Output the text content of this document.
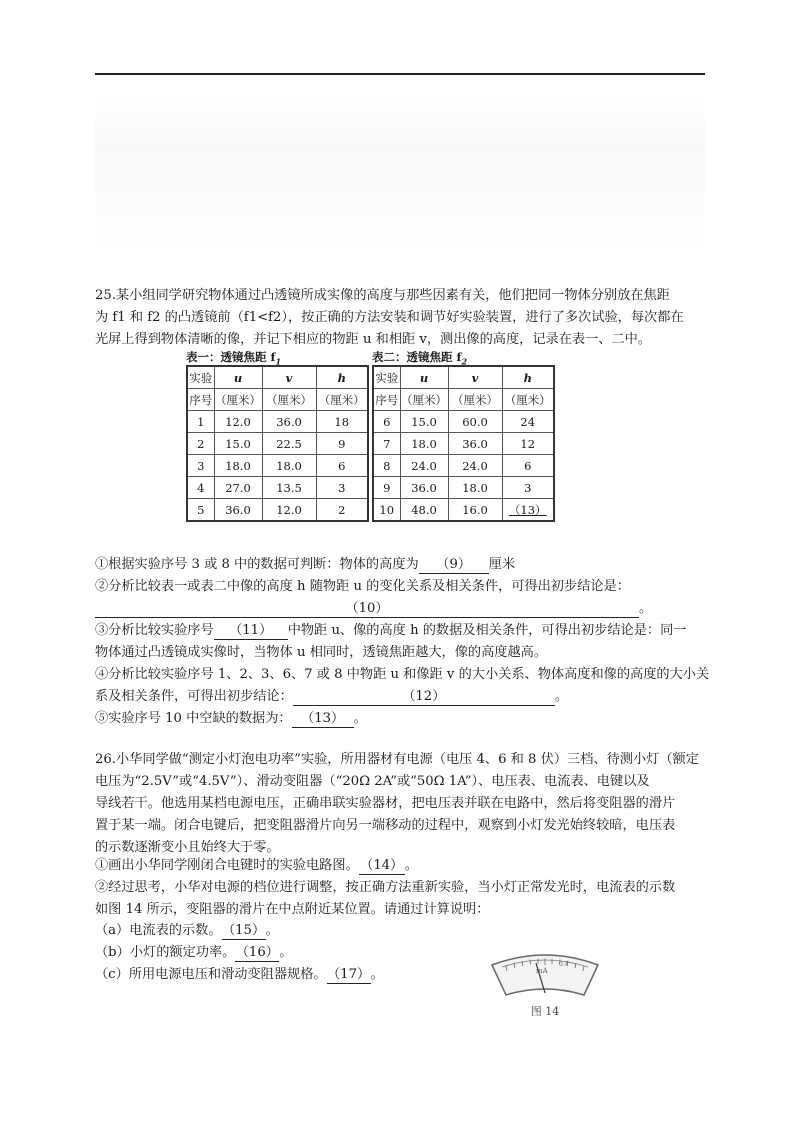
25.某小组同学研究物体通过凸透镜所成实像的高度与那些因素有关，他们把同一物体分别放在焦距
为 f1 和 f2 的凸透镜前（f1<f2），按正确的方法安装和调节好实验装置，进行了多次试验，每次都在
光屏上得到物体清晰的像，并记下相应的物距 u 和相距 v，测出像的高度，记录在表一、二中。

表一：透镜焦距 $f_1$
实验	u	v	h
序号	（厘米）	（厘米）	（厘米）
1	12.0	36.0	18
2	15.0	22.5	9
3	18.0	18.0	6
4	27.0	13.5	3
5	36.0	12.0	2
表二：透镜焦距 $f_2$
实验	u	v	h
序号	（厘米）	（厘米）	（厘米）
6	15.0	60.0	24
7	18.0	36.0	12
8	24.0	24.0	6
9	36.0	18.0	3
10	48.0	16.0	（13）

①根据实验序号 3 或 8 中的数据可判断：物体的高度为 （9） 厘米

②分析比较表一或表二中像的高度 h 随物距 u 的变化关系及相关条件，可得出初步结论是：
（10）	。

③分析比较实验序号 （11） 中物距 u、像的高度 h 的数据及相关条件，可得出初步结论是：同一
物体通过凸透镜成实像时，当物体 u 相同时，透镜焦距越大，像的高度越高。

④分析比较实验序号 1、2、3、6、7 或 8 中物距 u 和像距 v 的大小关系、物体高度和像的高度的大小关
系及相关条件，可得出初步结论：	（12）	。

⑤实验序号 10 中空缺的数据为： （13） 。

26.小华同学做“测定小灯泡电功率”实验，所用器材有电源（电压 4、6 和 8 伏）三档、待测小灯（额定
电压为“2.5V”或“4.5V”）、滑动变阻器（“20Ω 2A”或“50Ω 1A”）、电压表、电流表、电键以及
导线若干。他选用某档电源电压，正确串联实验器材，把电压表并联在电路中，然后将变阻器的滑片
置于某一端。闭合电键后，把变阻器滑片向另一端移动的过程中，观察到小灯发光始终较暗，电压表
的示数逐渐变小且始终大于零。

①画出小华同学刚闭合电键时的实验电路图。（14）。

②经过思考，小华对电源的档位进行调整，按正确方法重新实验，当小灯正常发光时，电流表的示数
如图 14 所示，变阻器的滑片在中点附近某位置。请通过计算说明：

（a）电流表的示数。（15）。

（b）小灯的额定功率。（16）。

（c）所用电源电压和滑动变阻器规格。（17）。	mA
0.4
图 14
